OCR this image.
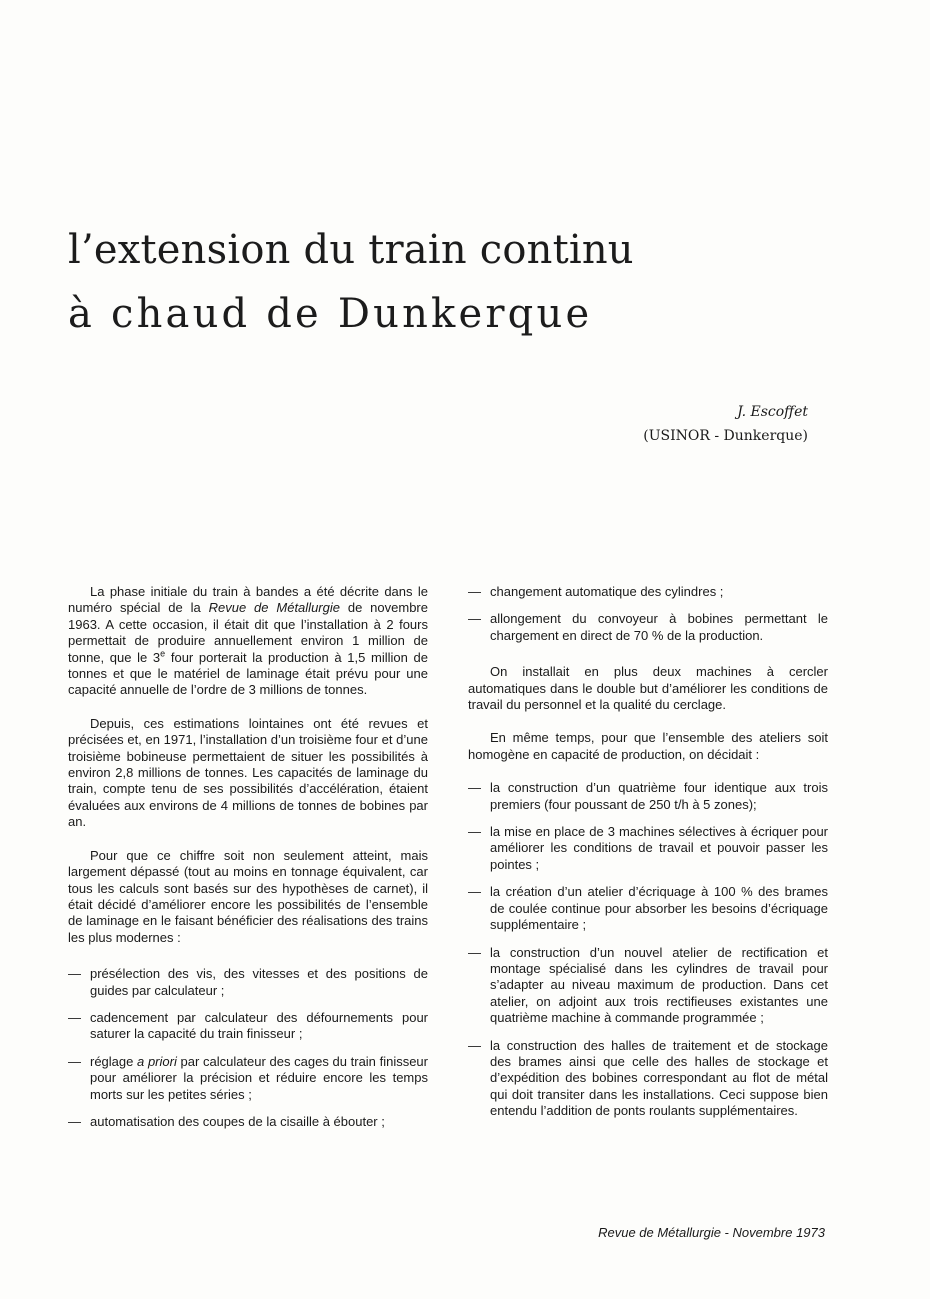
l’extension du train continu
à chaud de Dunkerque
J. Escoffet
(USINOR - Dunkerque)

La phase initiale du train à bandes a été décrite dans le numéro spécial de la Revue de Métallurgie de novembre 1963. A cette occasion, il était dit que l’installation à 2 fours permettait de produire annuellement environ 1 million de tonne, que le 3e four porterait la production à 1,5 million de tonnes et que le matériel de laminage était prévu pour une capacité annuelle de l’ordre de 3 millions de tonnes.

Depuis, ces estimations lointaines ont été revues et précisées et, en 1971, l’installation d’un troisième four et d’une troisième bobineuse permettaient de situer les possibilités à environ 2,8 millions de tonnes. Les capacités de laminage du train, compte tenu de ses possibilités d’accélération, étaient évaluées aux environs de 4 millions de tonnes de bobines par an.

Pour que ce chiffre soit non seulement atteint, mais largement dépassé (tout au moins en tonnage équivalent, car tous les calculs sont basés sur des hypothèses de carnet), il était décidé d’améliorer encore les possibilités de l’ensemble de laminage en le faisant bénéficier des réalisations des trains les plus modernes :

— présélection des vis, des vitesses et des positions de guides par calculateur ;
— cadencement par calculateur des défournements pour saturer la capacité du train finisseur ;
— réglage a priori par calculateur des cages du train finisseur pour améliorer la précision et réduire encore les temps morts sur les petites séries ;
— automatisation des coupes de la cisaille à ébouter ;
— changement automatique des cylindres ;
— allongement du convoyeur à bobines permettant le chargement en direct de 70 % de la production.

On installait en plus deux machines à cercler automatiques dans le double but d’améliorer les conditions de travail du personnel et la qualité du cerclage.

En même temps, pour que l’ensemble des ateliers soit homogène en capacité de production, on décidait :

— la construction d’un quatrième four identique aux trois premiers (four poussant de 250 t/h à 5 zones);
— la mise en place de 3 machines sélectives à écriquer pour améliorer les conditions de travail et pouvoir passer les pointes ;
— la création d’un atelier d’écriquage à 100 % des brames de coulée continue pour absorber les besoins d’écriquage supplémentaire ;
— la construction d’un nouvel atelier de rectification et montage spécialisé dans les cylindres de travail pour s’adapter au niveau maximum de production. Dans cet atelier, on adjoint aux trois rectifieuses existantes une quatrième machine à commande programmée ;
— la construction des halles de traitement et de stockage des brames ainsi que celle des halles de stockage et d’expédition des bobines correspondant au flot de métal qui doit transiter dans les installations. Ceci suppose bien entendu l’addition de ponts roulants supplémentaires.
Revue de Métallurgie - Novembre 1973
